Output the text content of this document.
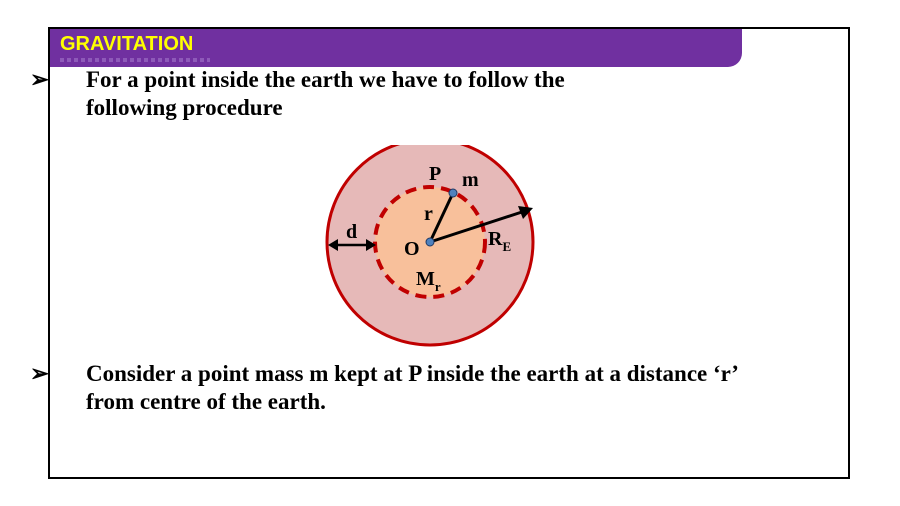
GRAVITATION
➢ For a point inside the earth we have to follow the
following procedure
P m
r
O
d	$R_E$
$M_r$
➢ Consider a point mass m kept at P inside the earth at a distance ‘r’
from centre of the earth.
